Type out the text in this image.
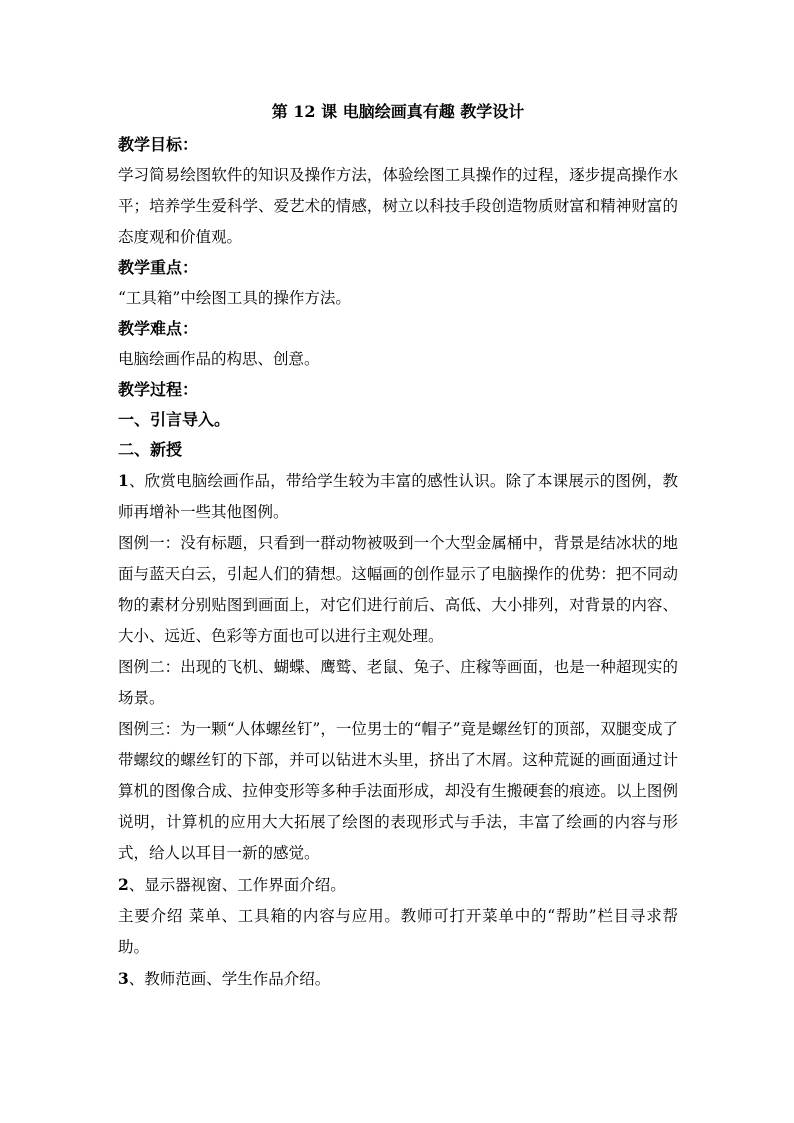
第 12 课 电脑绘画真有趣 教学设计

教学目标：

学习简易绘图软件的知识及操作方法，体验绘图工具操作的过程，逐步提高操作水平；培养学生爱科学、爱艺术的情感，树立以科技手段创造物质财富和精神财富的态度观和价值观。

教学重点：

“工具箱”中绘图工具的操作方法。

教学难点：

电脑绘画作品的构思、创意。

教学过程：

一、引言导入。

二、新授

1、欣赏电脑绘画作品，带给学生较为丰富的感性认识。除了本课展示的图例，教师再增补一些其他图例。

图例一：没有标题，只看到一群动物被吸到一个大型金属桶中，背景是结冰状的地面与蓝天白云，引起人们的猜想。这幅画的创作显示了电脑操作的优势：把不同动物的素材分别贴图到画面上，对它们进行前后、高低、大小排列，对背景的内容、大小、远近、色彩等方面也可以进行主观处理。

图例二：出现的飞机、蝴蝶、鹰鹫、老鼠、兔子、庄稼等画面，也是一种超现实的场景。

图例三：为一颗“人体螺丝钉”，一位男士的“帽子”竟是螺丝钉的顶部，双腿变成了带螺纹的螺丝钉的下部，并可以钻进木头里，挤出了木屑。这种荒诞的画面通过计算机的图像合成、拉伸变形等多种手法面形成，却没有生搬硬套的痕迹。以上图例说明，计算机的应用大大拓展了绘图的表现形式与手法，丰富了绘画的内容与形式，给人以耳目一新的感觉。

2、显示器视窗、工作界面介绍。

主要介绍 菜单、工具箱的内容与应用。教师可打开菜单中的“帮助”栏目寻求帮助。

3、教师范画、学生作品介绍。
